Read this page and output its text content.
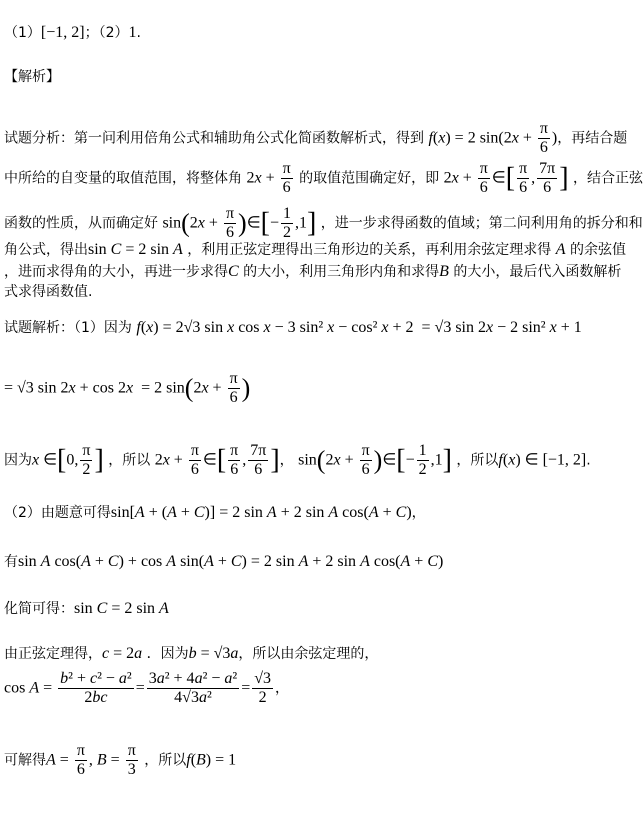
（1）[−1, 2]；（2）1.
【解析】
试题分析：第一问利用倍角公式和辅助角公式化简函数解析式，得到 f(x) = 2 $\sin(2x + \frac{\pi}{6}$ )，再结合题
中所给的自变量的取值范围，将整体角 $2x + \frac{\pi}{6}$ 的取值范围确定好，即 $2x + \frac{\pi}{6}$ ∈[ $\frac{\pi}{6}$ , $\frac{7\pi}{6}$ ] ，结合正弦
函数的性质，从而确定好 $\sin(2x + \frac{\pi}{6}$ )∈[− $\frac{1}{2} ,1$] ，进一步求得函数的值域；第二问利用角的拆分和和
角公式，得出sin C = 2 sin A ，利用正弦定理得出三角形边的关系，再利用余弦定理求得 A 的余弦值
，进而求得角的大小，再进一步求得C 的大小，利用三角形内角和求得B 的大小，最后代入函数解析
式求得函数值.
试题解析：（1）因为 f(x) = 2√3 sin x cos x − 3 sin² x − cos² x + 2  = √3 sin 2x − 2 sin² x + 1
= √3 sin 2x + cos 2x  = 2 $\sin(2x + \frac{\pi}{6}$ )
因为x ∈[0, $\frac{\pi}{2}$ ] ，所以 $2x + \frac{\pi}{6}$ ∈[ $\frac{\pi}{6}$ , $\frac{7\pi}{6}$ ]， $\sin(2x + \frac{\pi}{6}$ )∈[− $\frac{1}{2} ,1$] ，所以f(x) ∈ [−1, 2].
（2）由题意可得sin[A + (A + C)] = 2 sin A + 2 sin A cos(A + C)，
有sin A cos(A + C) + cos A sin(A + C) = 2 sin A + 2 sin A cos(A + C)
化简可得：sin C = 2 sin A
由正弦定理得，c = 2a ．因为b = √3a，所以由余弦定理的，
$\cos A = \frac{\text{b² + c² − a²}}{2bc} = \frac{\text{3a² + 4a² − a²}}{\text{4√3a²}} = \frac{√3}{2}$ ，
可解得$A = \frac{\pi}{6}$ , $B = \frac{\pi}{3}$ ，所以f(B) = 1
